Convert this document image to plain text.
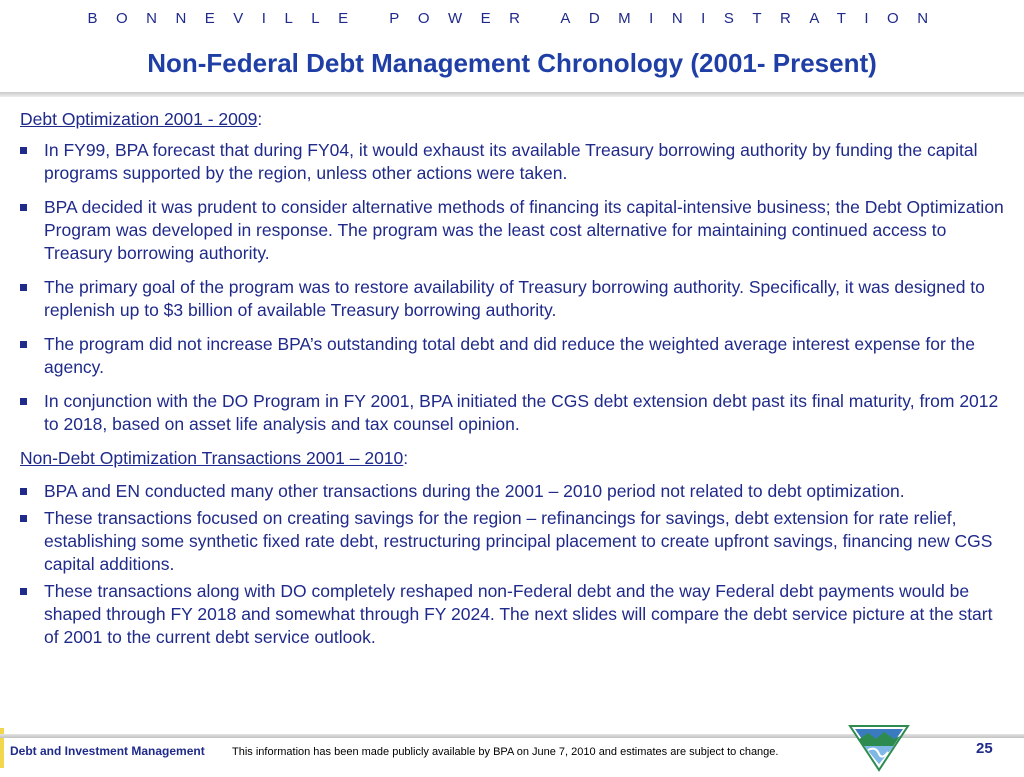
BONNEVILLE POWER ADMINISTRATION
Non-Federal Debt Management Chronology (2001- Present)
Debt Optimization 2001 - 2009:
In FY99, BPA forecast that during FY04, it would exhaust its available Treasury borrowing authority by funding the capital programs supported by the region, unless other actions were taken.
BPA decided it was prudent to consider alternative methods of financing its capital-intensive business; the Debt Optimization Program was developed in response. The program was the least cost alternative for maintaining continued access to Treasury borrowing authority.
The primary goal of the program was to restore availability of Treasury borrowing authority. Specifically, it was designed to replenish up to $3 billion of available Treasury borrowing authority.
The program did not increase BPA’s outstanding total debt and did reduce the weighted average interest expense for the agency.
In conjunction with the DO Program in FY 2001, BPA initiated the CGS debt extension debt past its final maturity, from 2012 to 2018, based on asset life analysis and tax counsel opinion.
Non-Debt Optimization Transactions 2001 – 2010:
BPA and EN conducted many other transactions during the 2001 – 2010 period not related to debt optimization.
These transactions focused on creating savings for the region – refinancings for savings, debt extension for rate relief, establishing some synthetic fixed rate debt, restructuring principal placement to create upfront savings, financing new CGS capital additions.
These transactions along with DO completely reshaped non-Federal debt and the way Federal debt payments would be shaped through FY 2018 and somewhat through FY 2024. The next slides will compare the debt service picture at the start of 2001 to the current debt service outlook.
Debt and Investment Management This information has been made publicly available by BPA on June 7, 2010 and estimates are subject to change.	25
